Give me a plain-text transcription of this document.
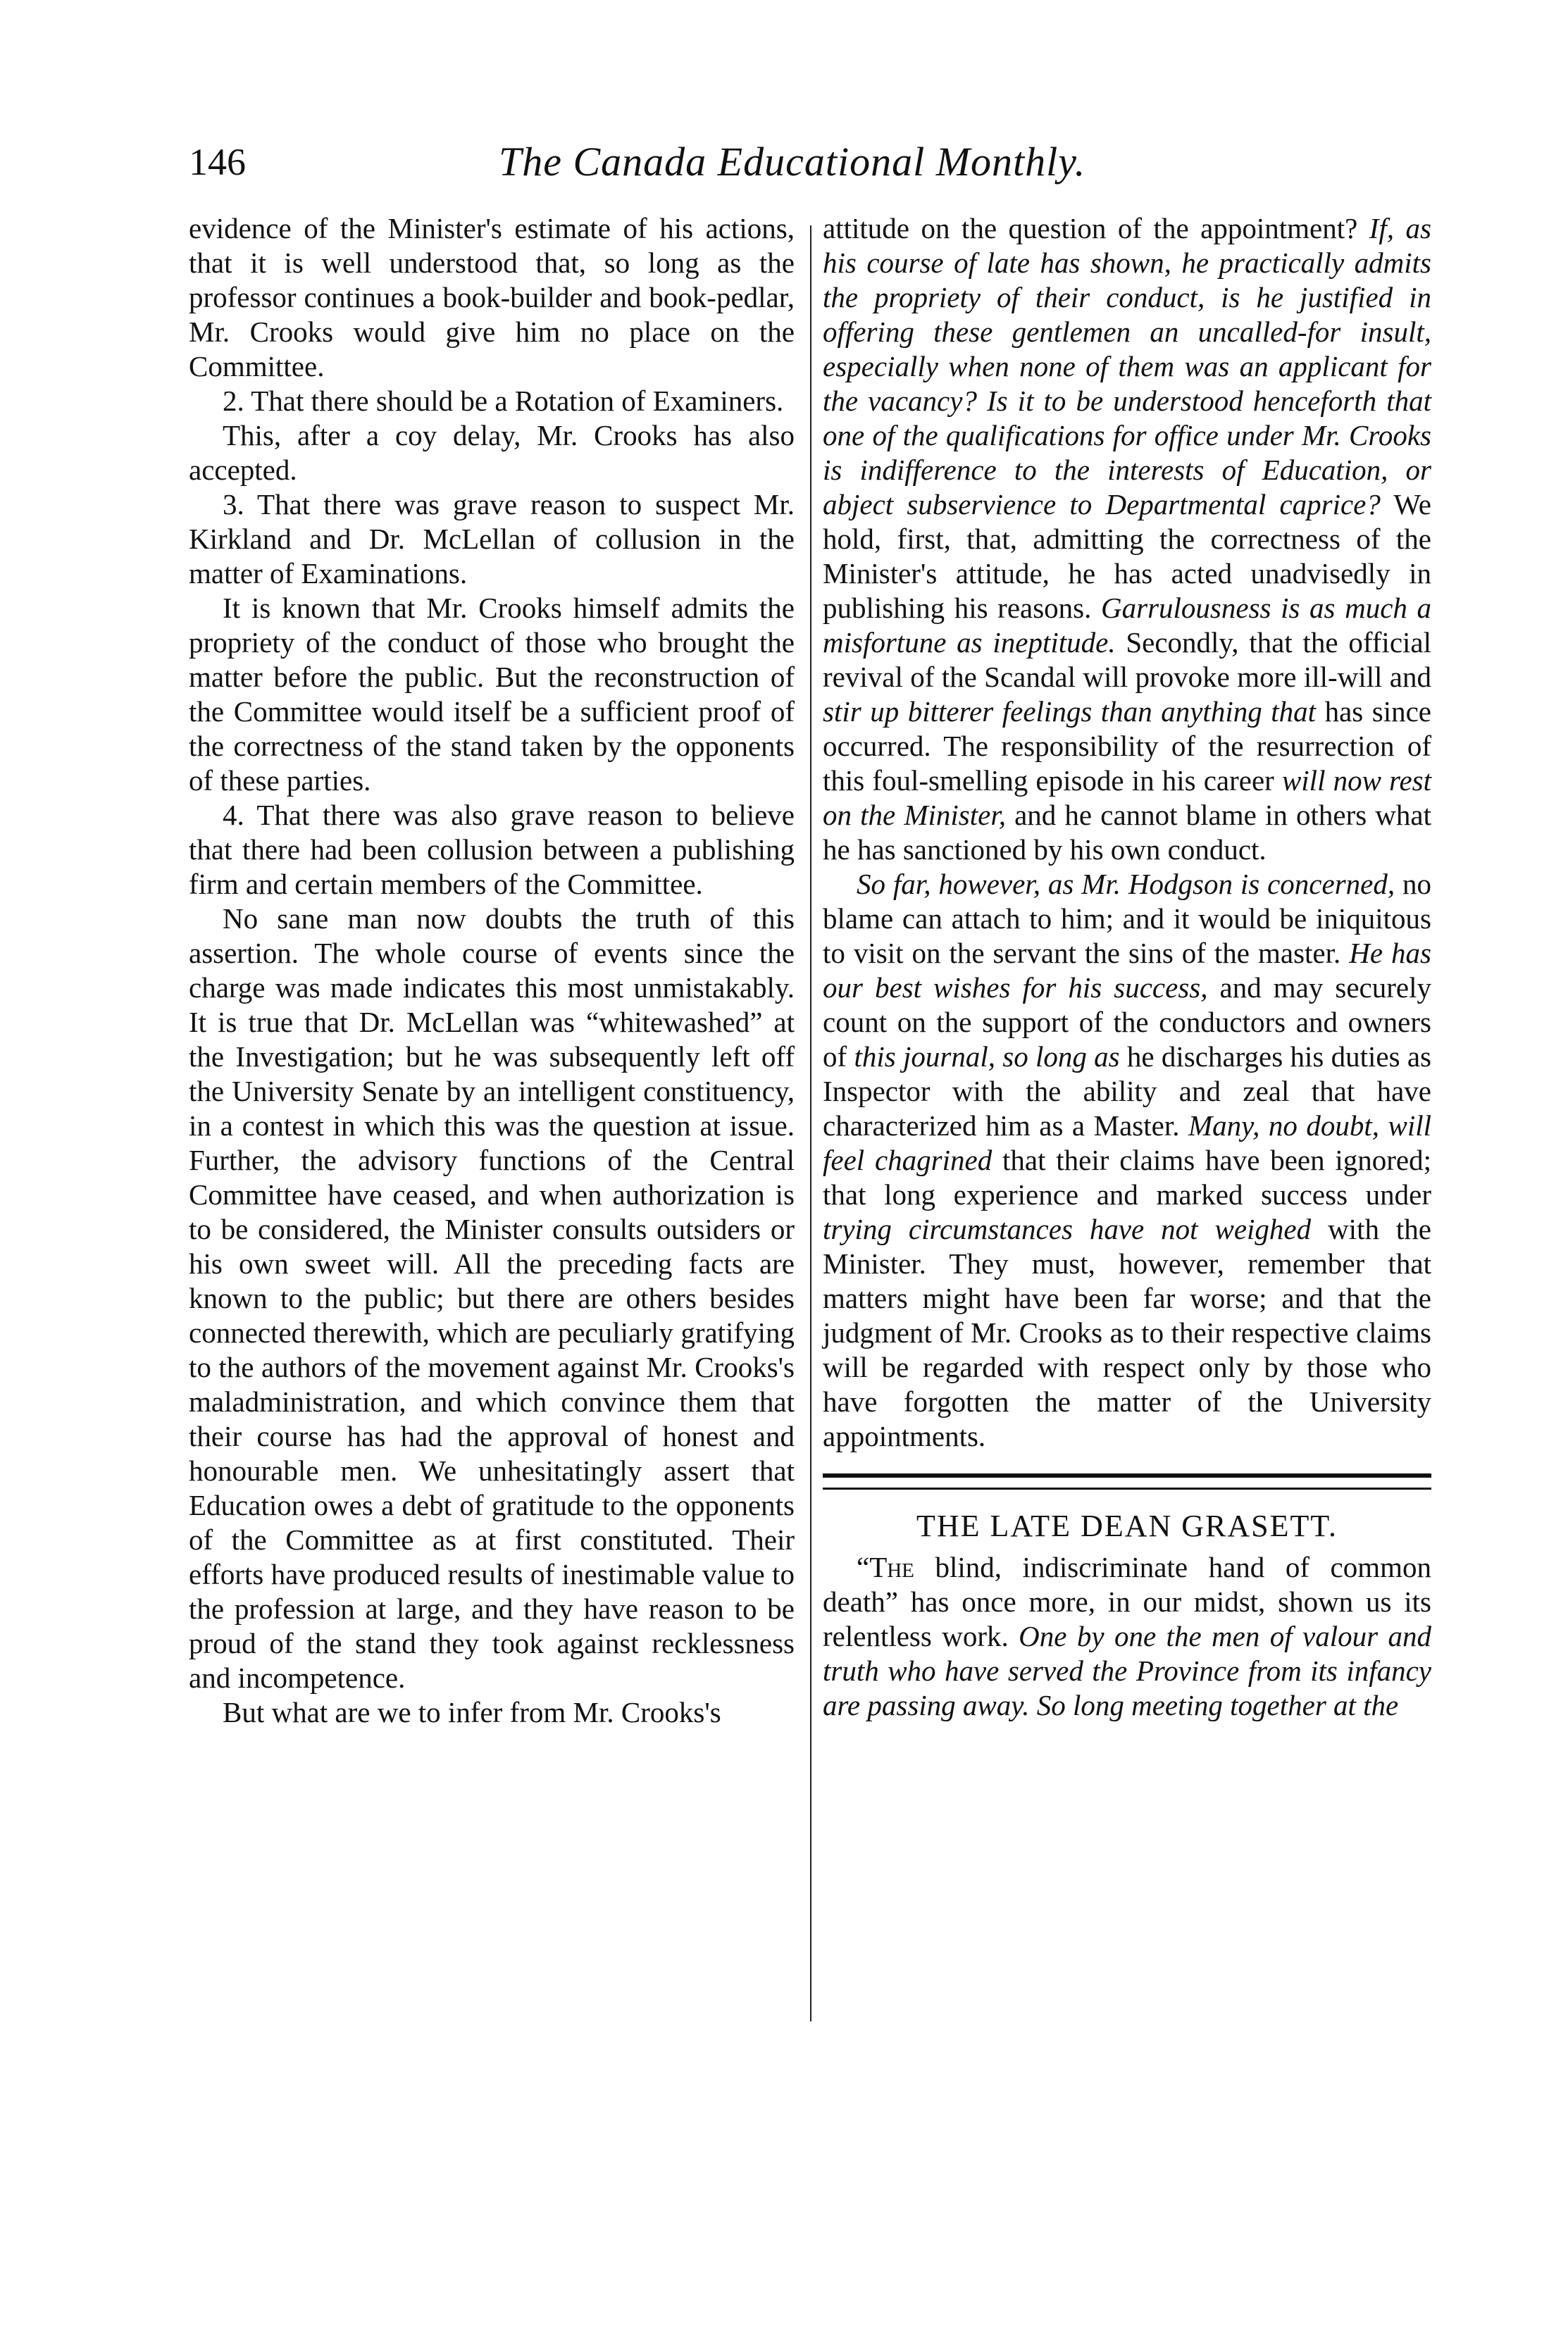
146	The Canada Educational Monthly.

evidence of the Minister's estimate of his actions, that it is well understood that, so long as the professor continues a book-builder and book-pedlar, Mr. Crooks would give him no place on the Committee.

2. That there should be a Rotation of Examiners.

This, after a coy delay, Mr. Crooks has also accepted.

3. That there was grave reason to suspect Mr. Kirkland and Dr. McLellan of collusion in the matter of Examinations.

It is known that Mr. Crooks himself admits the propriety of the conduct of those who brought the matter before the public. But the reconstruction of the Committee would itself be a sufficient proof of the correctness of the stand taken by the opponents of these parties.

4. That there was also grave reason to believe that there had been collusion between a publishing firm and certain members of the Committee.

No sane man now doubts the truth of this assertion. The whole course of events since the charge was made indicates this most unmistakably. It is true that Dr. McLellan was “whitewashed” at the Investigation; but he was subsequently left off the University Senate by an intelligent constituency, in a contest in which this was the question at issue. Further, the advisory functions of the Central Committee have ceased, and when authorization is to be considered, the Minister consults outsiders or his own sweet will. All the preceding facts are known to the public; but there are others besides connected therewith, which are peculiarly gratifying to the authors of the movement against Mr. Crooks's maladministration, and which convince them that their course has had the approval of honest and honourable men. We unhesitatingly assert that Education owes a debt of gratitude to the opponents of the Committee as at first constituted. Their efforts have produced results of inestimable value to the profession at large, and they have reason to be proud of the stand they took against recklessness and incompetence.

But what are we to infer from Mr. Crooks's

attitude on the question of the appointment? If, as his course of late has shown, he practically admits the propriety of their conduct, is he justified in offering these gentlemen an uncalled-for insult, especially when none of them was an applicant for the vacancy? Is it to be understood henceforth that one of the qualifications for office under Mr. Crooks is indifference to the interests of Education, or abject subservience to Departmental caprice? We hold, first, that, admitting the correctness of the Minister's attitude, he has acted unadvisedly in publishing his reasons. Garrulousness is as much a misfortune as ineptitude. Secondly, that the official revival of the Scandal will provoke more ill-will and stir up bitterer feelings than anything that has since occurred. The responsibility of the resurrection of this foul-smelling episode in his career will now rest on the Minister, and he cannot blame in others what he has sanctioned by his own conduct.

So far, however, as Mr. Hodgson is concerned, no blame can attach to him; and it would be iniquitous to visit on the servant the sins of the master. He has our best wishes for his success, and may securely count on the support of the conductors and owners of this journal, so long as he discharges his duties as Inspector with the ability and zeal that have characterized him as a Master. Many, no doubt, will feel chagrined that their claims have been ignored; that long experience and marked success under trying circumstances have not weighed with the Minister. They must, however, remember that matters might have been far worse; and that the judgment of Mr. Crooks as to their respective claims will be regarded with respect only by those who have forgotten the matter of the University appointments.

THE LATE DEAN GRASETT.

“The blind, indiscriminate hand of common death” has once more, in our midst, shown us its relentless work. One by one the men of valour and truth who have served the Province from its infancy are passing away. So long meeting together at the
